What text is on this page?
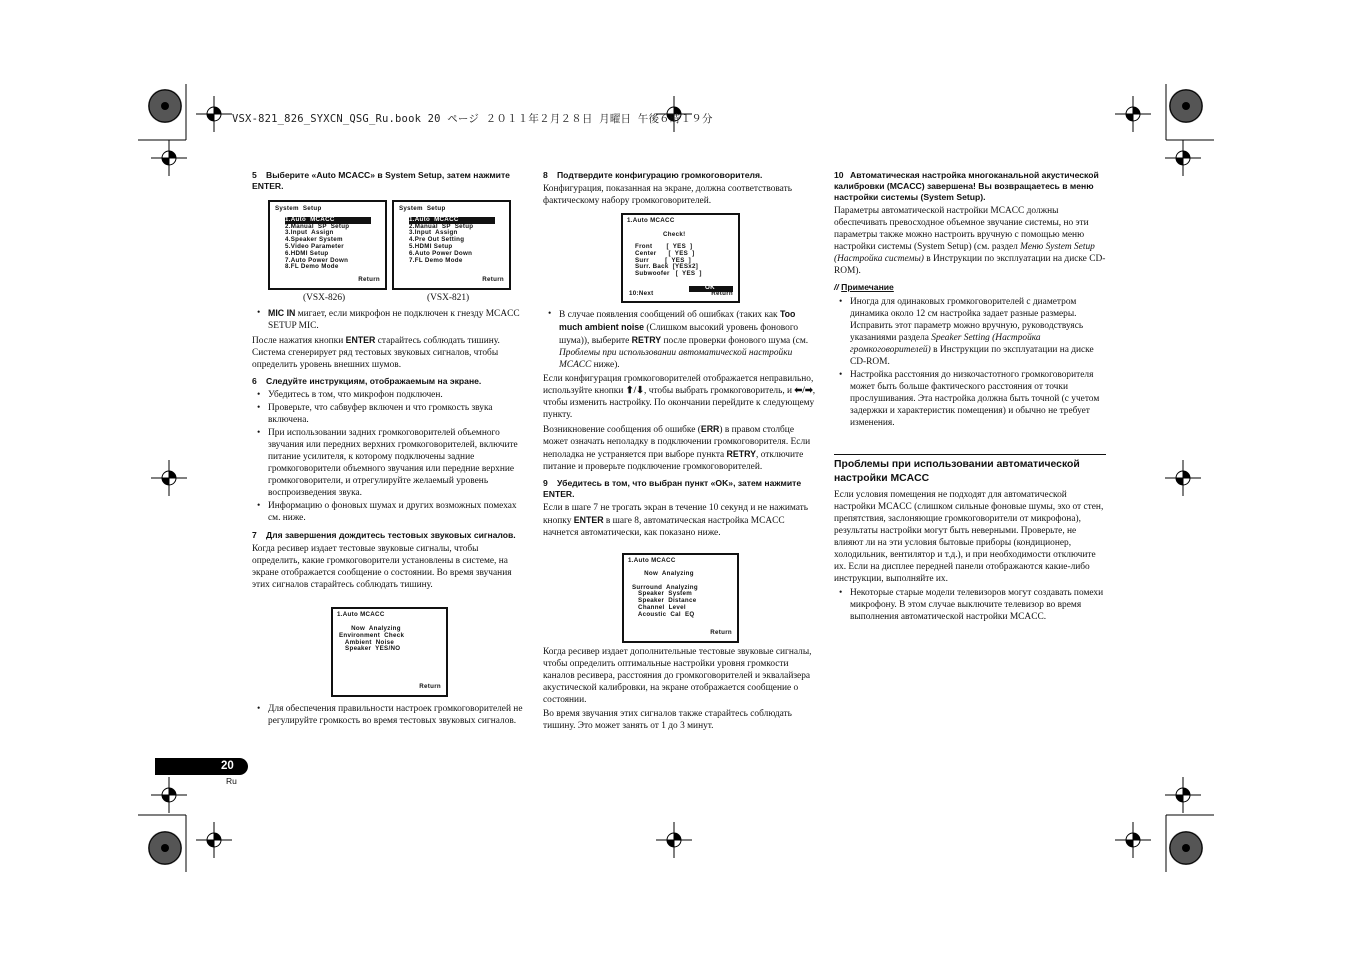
VSX-821_826_SYXCN_QSG_Ru.book 20 ページ ２０１１年２月２８日 月曜日 午後６時１９分
5 Выберите «Auto MCACC» в System Setup, затем нажмите ENTER.
System  Setup
1.Auto  MCACC
2.Manual  SP  Setup
3.Input  Assign
4.Speaker System
5.Video Parameter
6.HDMI Setup
7.Auto Power Down
8.FL Demo Mode
Return
(VSX-826)
System  Setup
1.Auto  MCACC
2.Manual  SP  Setup
3.Input  Assign
4.Pre Out Setting
5.HDMI Setup
6.Auto Power Down
7.FL Demo Mode
Return
(VSX-821)
• MIC IN мигает, если микрофон не подключен к гнезду MCACC SETUP MIC.

После нажатия кнопки ENTER старайтесь соблюдать тишину. Система сгенерирует ряд тестовых звуковых сигналов, чтобы определить уровень внешних шумов.

6 Следуйте инструкциям, отображаемым на экране.
• Убедитесь в том, что микрофон подключен.
• Проверьте, что сабвуфер включен и что громкость звука включена.
• При использовании задних громкоговорителей объемного звучания или передних верхних громкоговорителей, включите питание усилителя, к которому подключены задние громкоговорители объемного звучания или передние верхние громкоговорители, и отрегулируйте желаемый уровень воспроизведения звука.
• Информацию о фоновых шумах и других возможных помехах см. ниже.
7 Для завершения дождитесь тестовых звуковых сигналов.

Когда ресивер издает тестовые звуковые сигналы, чтобы определить, какие громкоговорители установлены в системе, на экране отображается сообщение о состоянии. Во время звучания этих сигналов старайтесь соблюдать тишину.

1.Auto MCACC
Now  Analyzing
Environment  Check
Ambient  Noise
Speaker  YES/NO
Return
• Для обеспечения правильности настроек громкоговорителей не регулируйте громкость во время тестовых звуковых сигналов.
8 Подтвердите конфигурацию громкоговорителя.

Конфигурация, показанная на экране, должна соответствовать фактическому набору громкоговорителей.

1.Auto MCACC
Check!
Front       [  YES  ]
Center      [  YES  ]
Surr        [  YES  ]
Surr. Back  [YESx2]
Subwoofer   [  YES  ]
OK
10:Next	Return
• В случае появления сообщений об ошибках (таких как Too much ambient noise (Слишком высокий уровень фонового шума)), выберите RETRY после проверки фонового шума (см. Проблемы при использовании автоматической настройки MCACC ниже).

Если конфигурация громкоговорителей отображается неправильно, используйте кнопки ⬆/⬇, чтобы выбрать громкоговоритель, и ⬅/➡, чтобы изменить настройку. По окончании перейдите к следующему пункту.

Возникновение сообщения об ошибке (ERR) в правом столбце может означать неполадку в подключении громкоговорителя. Если неполадка не устраняется при выборе пункта RETRY, отключите питание и проверьте подключение громкоговорителей.

9 Убедитесь в том, что выбран пункт «OK», затем нажмите ENTER.

Если в шаге 7 не трогать экран в течение 10 секунд и не нажимать кнопку ENTER в шаге 8, автоматическая настройка MCACC начнется автоматически, как показано ниже.

1.Auto MCACC
Now  Analyzing

Surround  Analyzing
Speaker  System
Speaker  Distance
Channel  Level
Acoustic  Cal  EQ
Return

Когда ресивер издает дополнительные тестовые звуковые сигналы, чтобы определить оптимальные настройки уровня громкости каналов ресивера, расстояния до громкоговорителей и эквалайзера акустической калибровки, на экране отображается сообщение о состоянии.

Во время звучания этих сигналов также старайтесь соблюдать тишину. Это может занять от 1 до 3 минут.

10 Автоматическая настройка многоканальной акустической калибровки (MCACC) завершена! Вы возвращаетесь в меню настройки системы (System Setup).

Параметры автоматической настройки MCACC должны обеспечивать превосходное объемное звучание системы, но эти параметры также можно настроить вручную с помощью меню настройки системы (System Setup) (см. раздел Меню System Setup (Настройка системы) в Инструкции по эксплуатации на диске CD-ROM).

// Примечание
• Иногда для одинаковых громкоговорителей с диаметром динамика около 12 см настройка задает разные размеры. Исправить этот параметр можно вручную, руководствуясь указаниями раздела Speaker Setting (Настройка громкоговорителей) в Инструкции по эксплуатации на диске CD-ROM.
• Настройка расстояния до низкочастотного громкоговорителя может быть больше фактического расстояния от точки прослушивания. Эта настройка должна быть точной (с учетом задержки и характеристик помещения) и обычно не требует изменения.
Проблемы при использовании автоматической настройки MCACC

Если условия помещения не подходят для автоматической настройки MCACC (слишком сильные фоновые шумы, эхо от стен, препятствия, заслоняющие громкоговорители от микрофона), результаты настройки могут быть неверными. Проверьте, не влияют ли на эти условия бытовые приборы (кондиционер, холодильник, вентилятор и т.д.), и при необходимости отключите их. Если на дисплее передней панели отображаются какие-либо инструкции, выполняйте их.

• Некоторые старые модели телевизоров могут создавать помехи микрофону. В этом случае выключите телевизор во время выполнения автоматической настройки MCACC.
20
Ru
